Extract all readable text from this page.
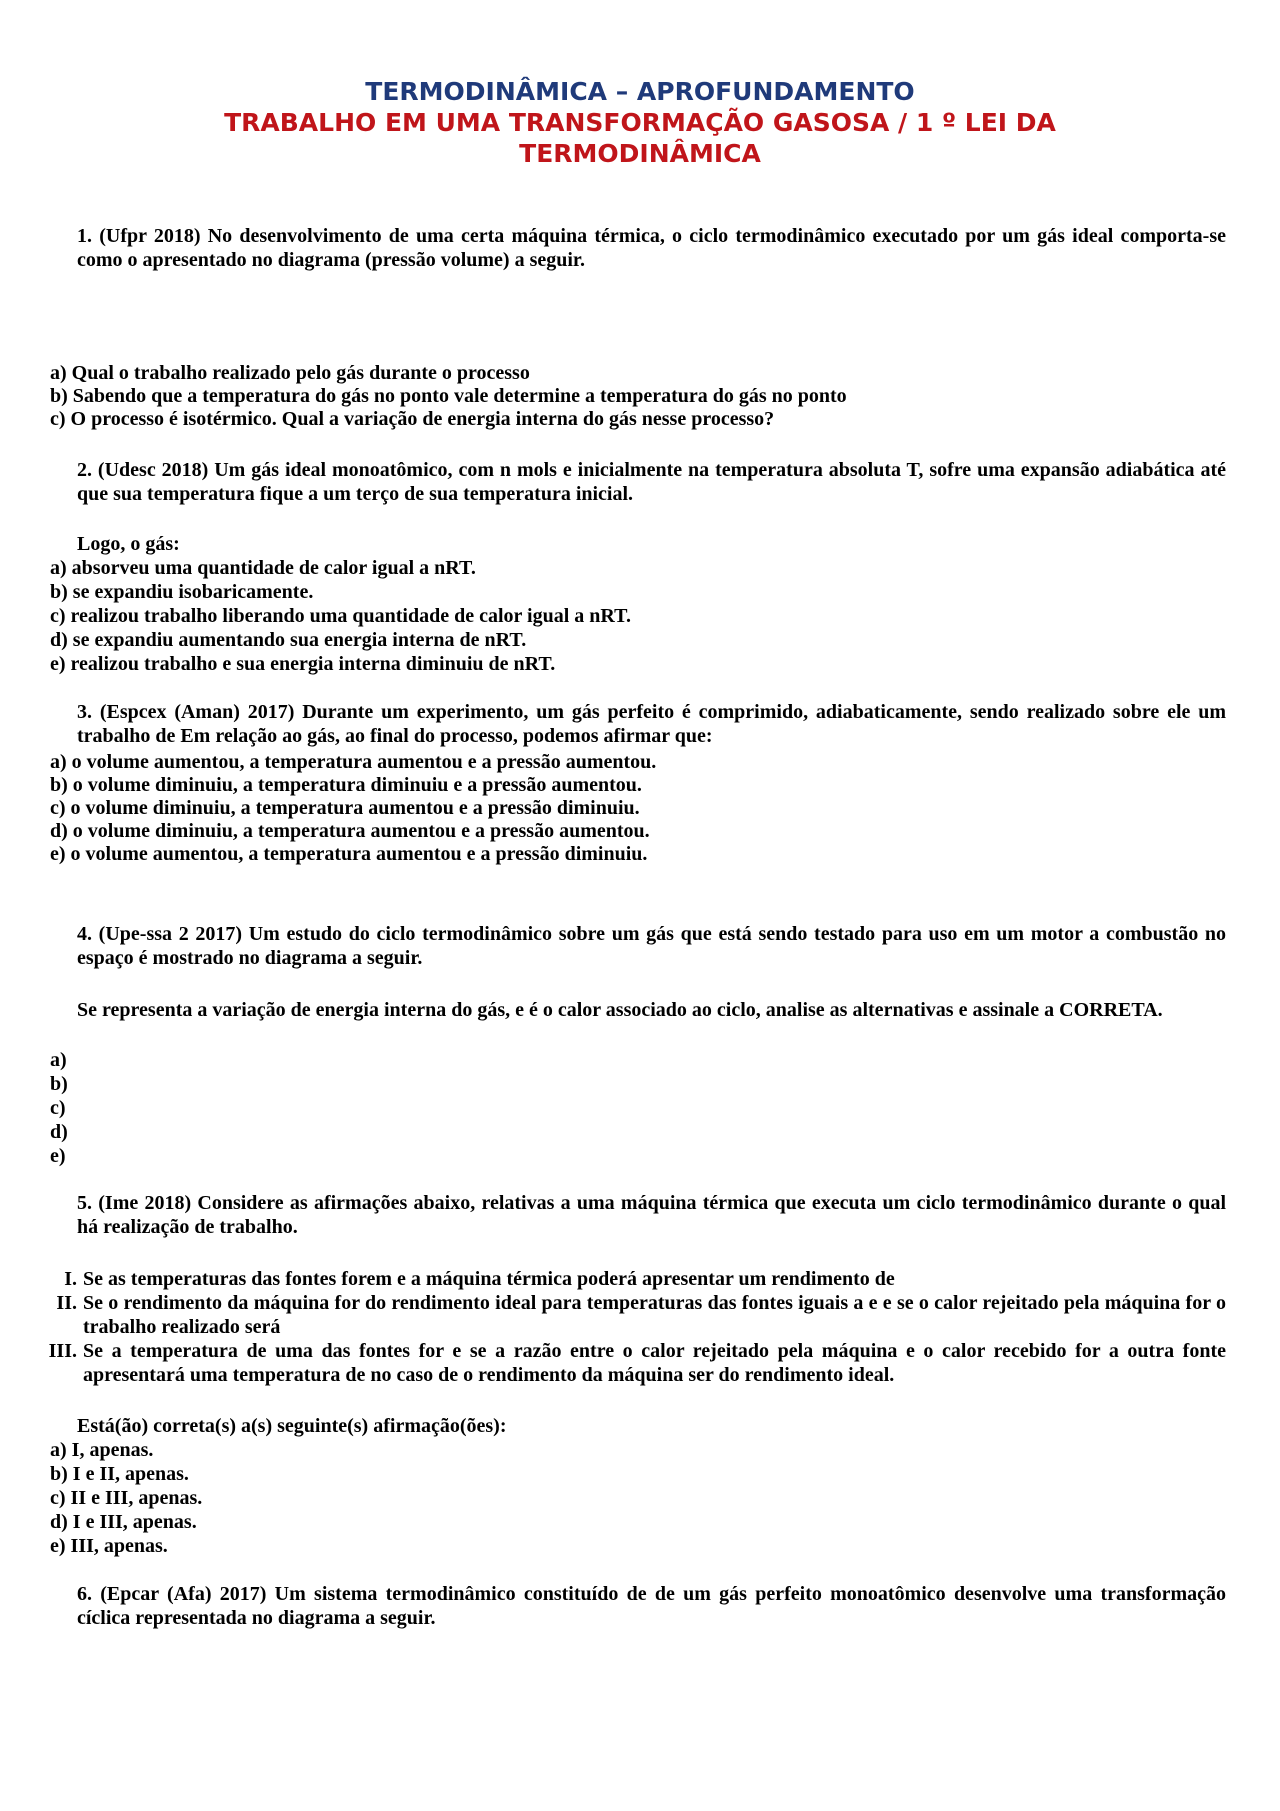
TERMODINÂMICA – APROFUNDAMENTO
TRABALHO EM UMA TRANSFORMAÇÃO GASOSA / 1 º LEI DA
TERMODINÂMICA
1. (Ufpr 2018) No desenvolvimento de uma certa máquina térmica, o ciclo termodinâmico executado por um gás ideal comporta-se como o apresentado no diagrama (pressão volume) a seguir.
a) Qual o trabalho realizado pelo gás durante o processo
b) Sabendo que a temperatura do gás no ponto vale determine a temperatura do gás no ponto
c) O processo é isotérmico. Qual a variação de energia interna do gás nesse processo?
2. (Udesc 2018) Um gás ideal monoatômico, com n mols e inicialmente na temperatura absoluta T, sofre uma expansão adiabática até que sua temperatura fique a um terço de sua temperatura inicial.
Logo, o gás:
a) absorveu uma quantidade de calor igual a nRT.
b) se expandiu isobaricamente.
c) realizou trabalho liberando uma quantidade de calor igual a nRT.
d) se expandiu aumentando sua energia interna de nRT.
e) realizou trabalho e sua energia interna diminuiu de nRT.
3. (Espcex (Aman) 2017) Durante um experimento, um gás perfeito é comprimido, adiabaticamente, sendo realizado sobre ele um trabalho de Em relação ao gás, ao final do processo, podemos afirmar que:
a) o volume aumentou, a temperatura aumentou e a pressão aumentou.
b) o volume diminuiu, a temperatura diminuiu e a pressão aumentou.
c) o volume diminuiu, a temperatura aumentou e a pressão diminuiu.
d) o volume diminuiu, a temperatura aumentou e a pressão aumentou.
e) o volume aumentou, a temperatura aumentou e a pressão diminuiu.
4. (Upe-ssa 2 2017) Um estudo do ciclo termodinâmico sobre um gás que está sendo testado para uso em um motor a combustão no espaço é mostrado no diagrama a seguir.
Se representa a variação de energia interna do gás, e é o calor associado ao ciclo, analise as alternativas e assinale a CORRETA.
a)
b)
c)
d)
e)
5. (Ime 2018) Considere as afirmações abaixo, relativas a uma máquina térmica que executa um ciclo termodinâmico durante o qual há realização de trabalho.
I. Se as temperaturas das fontes forem e a máquina térmica poderá apresentar um rendimento de
II. Se o rendimento da máquina for do rendimento ideal para temperaturas das fontes iguais a e e se o calor rejeitado pela máquina for o trabalho realizado será
III. Se a temperatura de uma das fontes for e se a razão entre o calor rejeitado pela máquina e o calor recebido for a outra fonte apresentará uma temperatura de no caso de o rendimento da máquina ser do rendimento ideal.
Está(ão) correta(s) a(s) seguinte(s) afirmação(ões):
a) I, apenas.
b) I e II, apenas.
c) II e III, apenas.
d) I e III, apenas.
e) III, apenas.
6. (Epcar (Afa) 2017) Um sistema termodinâmico constituído de de um gás perfeito monoatômico desenvolve uma transformação cíclica representada no diagrama a seguir.
